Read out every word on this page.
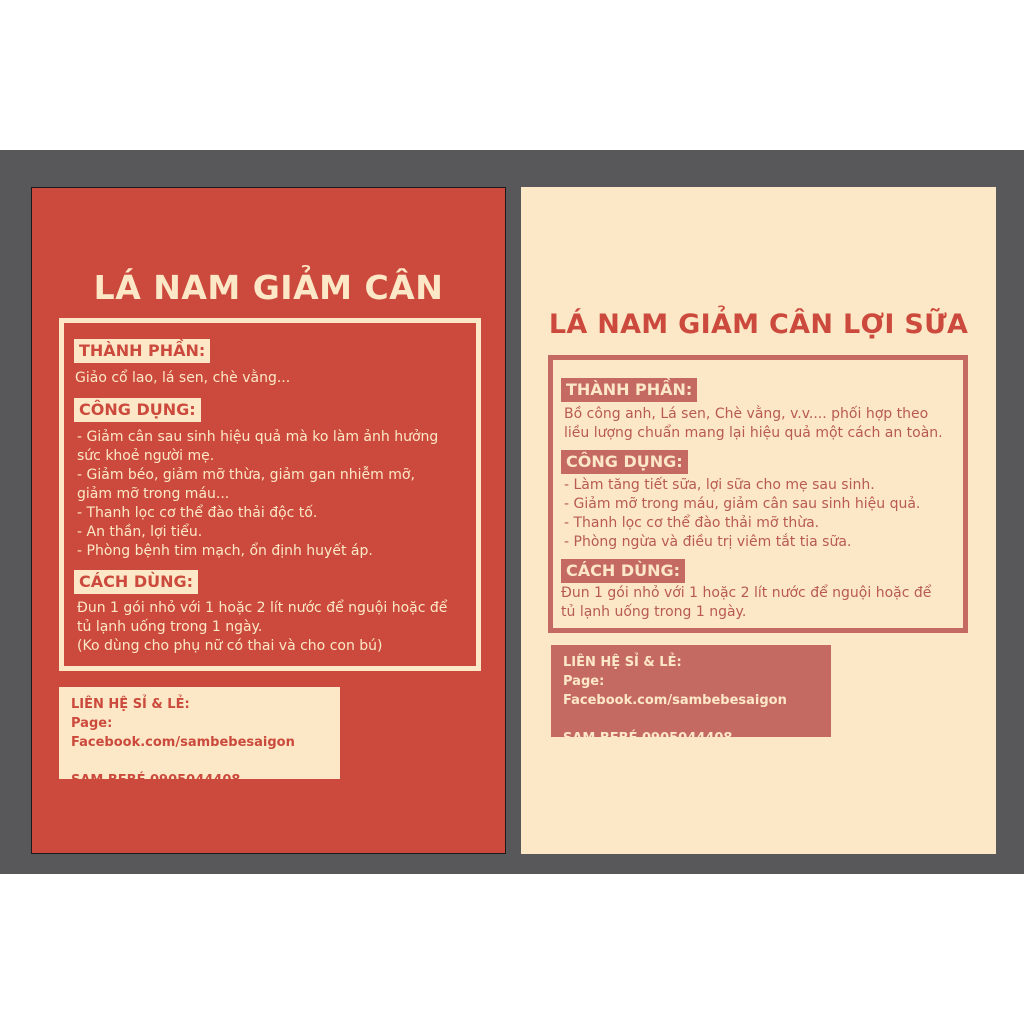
LÁ NAM GIẢM CÂN
THÀNH PHẦN:
Giảo cổ lao, lá sen, chè vằng...
CÔNG DỤNG:
- Giảm cân sau sinh hiệu quả mà ko làm ảnh hưởng
sức khoẻ người mẹ.
- Giảm béo, giảm mỡ thừa, giảm gan nhiễm mỡ,
giảm mỡ trong máu...
- Thanh lọc cơ thể đào thải độc tố.
- An thần, lợi tiểu.
- Phòng bệnh tim mạch, ổn định huyết áp.
CÁCH DÙNG:
Đun 1 gói nhỏ với 1 hoặc 2 lít nước để nguội hoặc để
tủ lạnh uống trong 1 ngày.
(Ko dùng cho phụ nữ có thai và cho con bú)
LIÊN HỆ SỈ & LẺ:
Page: Facebook.com/sambebesaigon
SAM BEBÉ 0905044408
LÁ NAM GIẢM CÂN LỢI SỮA
THÀNH PHẦN:
Bồ công anh, Lá sen, Chè vằng, v.v.... phối hợp theo
liều lượng chuẩn mang lại hiệu quả một cách an toàn.
CÔNG DỤNG:
- Làm tăng tiết sữa, lợi sữa cho mẹ sau sinh.
- Giảm mỡ trong máu, giảm cân sau sinh hiệu quả.
- Thanh lọc cơ thể đào thải mỡ thừa.
- Phòng ngừa và điều trị viêm tắt tia sữa.
CÁCH DÙNG:
Đun 1 gói nhỏ với 1 hoặc 2 lít nước để nguội hoặc để
tủ lạnh uống trong 1 ngày.
LIÊN HỆ SỈ & LẺ:
Page: Facebook.com/sambebesaigon
SAM BEBÉ 0905044408
